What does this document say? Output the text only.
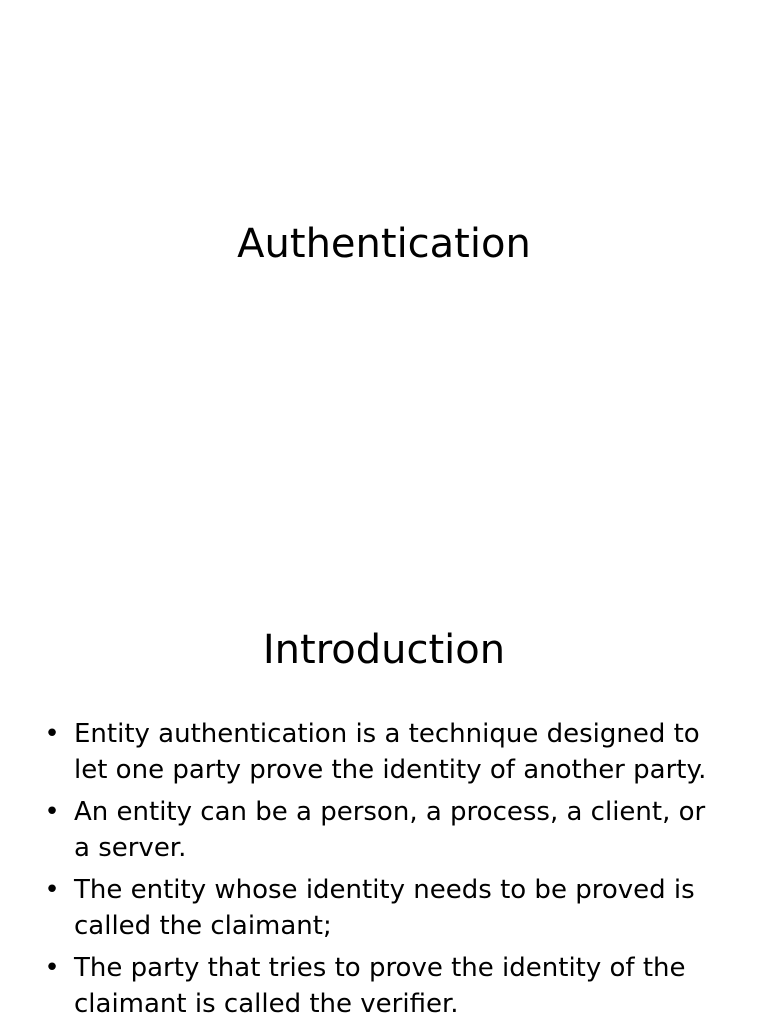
Authentication
Introduction
• Entity authentication is a technique designed to let one party prove the identity of another party.
• An entity can be a person, a process, a client, or a server.
• The entity whose identity needs to be proved is called the claimant;
• The party that tries to prove the identity of the claimant is called the verifier.
